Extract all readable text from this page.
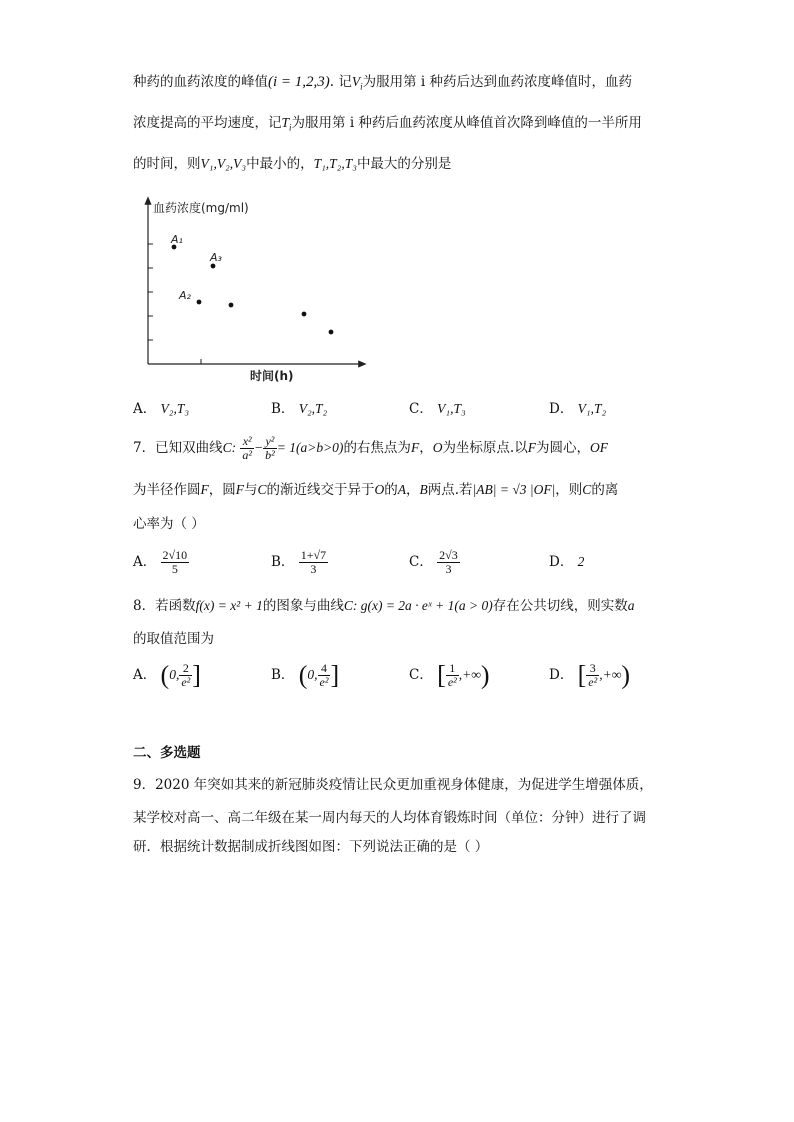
种药的血药浓度的峰值(i = 1,2,3). 记$V_i$为服用第 i 种药后达到血药浓度峰值时，血药
浓度提高的平均速度，记$T_i$为服用第 i 种药后血药浓度从峰值首次降到峰值的一半所用
的时间，则V₁,V₂,V₃中最小的，T₁,T₂,T₃中最大的分别是
血药浓度(mg/ml)
时间(h)
A₁
A₃
A₂
A． V₂,T₃	B． V₂,T₂	C． V₁,T₃	D． V₁,T₂
7．已知双曲线C: $\frac{\text{x²}}{\text{a²}} - \frac{\text{y²}}{\text{b²}} = 1(a>b>0)$的右焦点为F，O为坐标原点.以F为圆心，OF
为半径作圆F，圆F与C的渐近线交于异于O的A，B两点.若|AB| = √3 |OF|，则C的离
心率为（ ）
A． $\frac{2√10}{5}$	B． $\frac{1+√7}{3}$	C． $\frac{2√3}{3}$	D． 2
8．若函数f(x) = x² + 1的图象与曲线C: g(x) = 2a · eˣ + 1(a > 0)存在公共切线，则实数a
的取值范围为
A． (0, $\frac{2}{\text{e²}}$ ]	B． (0, $\frac{4}{\text{e²}}$ ]	C． [ $\frac{1}{\text{e²}}$ ,+∞)	D． [ $\frac{3}{\text{e²}}$ ,+∞)
二、多选题
9．2020 年突如其来的新冠肺炎疫情让民众更加重视身体健康，为促进学生增强体质，
某学校对高一、高二年级在某一周内每天的人均体育锻炼时间（单位：分钟）进行了调
研．根据统计数据制成折线图如图：下列说法正确的是（ ）
